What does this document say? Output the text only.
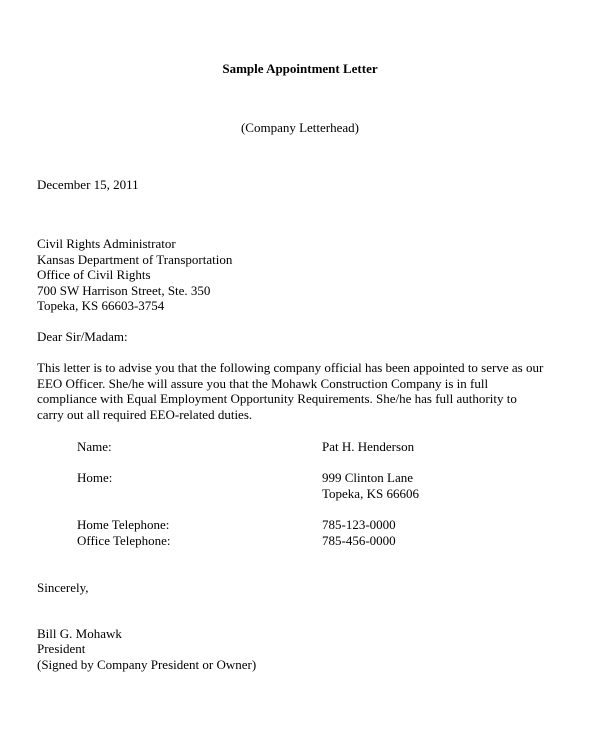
Sample Appointment Letter
(Company Letterhead)
December 15, 2011
Civil Rights Administrator
Kansas Department of Transportation
Office of Civil Rights
700 SW Harrison Street, Ste. 350
Topeka, KS 66603-3754
Dear Sir/Madam:
This letter is to advise you that the following company official has been appointed to serve as our
EEO Officer. She/he will assure you that the Mohawk Construction Company is in full
compliance with Equal Employment Opportunity Requirements. She/he has full authority to
carry out all required EEO-related duties.
Name:	Pat H. Henderson
Home:	999 Clinton Lane
Topeka, KS 66606
Home Telephone:	785-123-0000
Office Telephone:	785-456-0000
Sincerely,
Bill G. Mohawk
President
(Signed by Company President or Owner)
